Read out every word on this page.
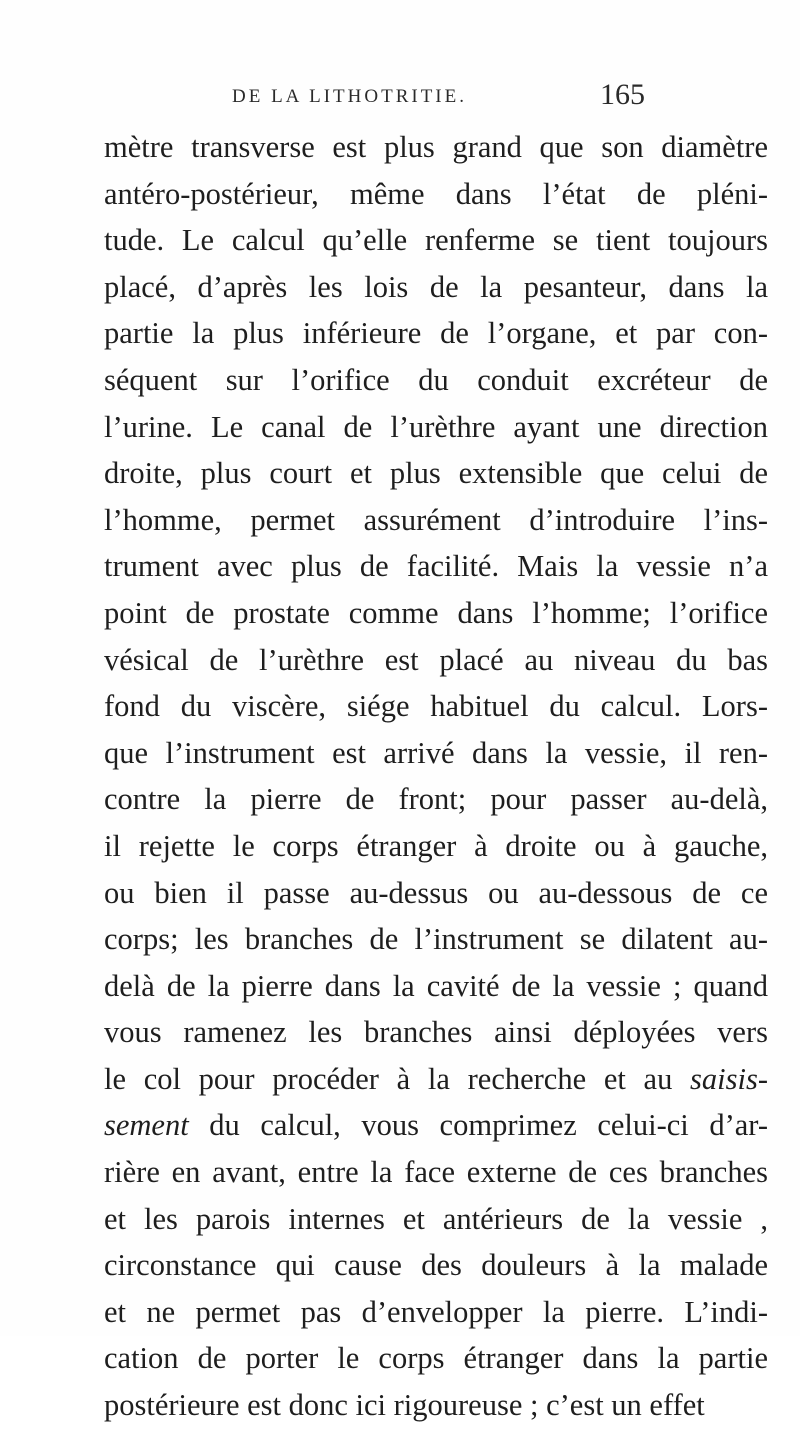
DE LA LITHOTRITIE.	165
mètre transverse est plus grand que son diamètre
antéro-postérieur, même dans l’état de pléni-
tude. Le calcul qu’elle renferme se tient toujours
placé, d’après les lois de la pesanteur, dans la
partie la plus inférieure de l’organe, et par con-
séquent sur l’orifice du conduit excréteur de
l’urine. Le canal de l’urèthre ayant une direction
droite, plus court et plus extensible que celui de
l’homme, permet assurément d’introduire l’ins-
trument avec plus de facilité. Mais la vessie n’a
point de prostate comme dans l’homme; l’orifice
vésical de l’urèthre est placé au niveau du bas
fond du viscère, siége habituel du calcul. Lors-
que l’instrument est arrivé dans la vessie, il ren-
contre la pierre de front; pour passer au-delà,
il rejette le corps étranger à droite ou à gauche,
ou bien il passe au-dessus ou au-dessous de ce
corps; les branches de l’instrument se dilatent au-
delà de la pierre dans la cavité de la vessie ; quand
vous ramenez les branches ainsi déployées vers
le col pour procéder à la recherche et au saisis-
sement du calcul, vous comprimez celui-ci d’ar-
rière en avant, entre la face externe de ces branches
et les parois internes et antérieurs de la vessie ,
circonstance qui cause des douleurs à la malade
et ne permet pas d’envelopper la pierre. L’indi-
cation de porter le corps étranger dans la partie
postérieure est donc ici rigoureuse ; c’est un effet
